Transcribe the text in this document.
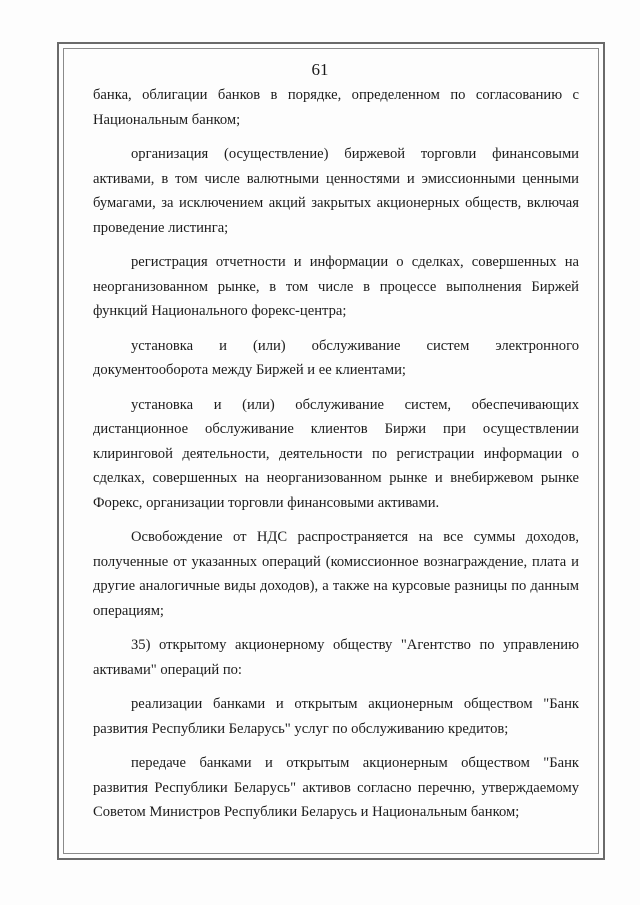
61

банка, облигации банков в порядке, определенном по согласованию с Национальным банком;

организация (осуществление) биржевой торговли финансовыми активами, в том числе валютными ценностями и эмиссионными ценными бумагами, за исключением акций закрытых акционерных обществ, включая проведение листинга;

регистрация отчетности и информации о сделках, совершенных на неорганизованном рынке, в том числе в процессе выполнения Биржей функций Национального форекс-центра;

установка и (или) обслуживание систем электронного документооборота между Биржей и ее клиентами;

установка и (или) обслуживание систем, обеспечивающих дистанционное обслуживание клиентов Биржи при осуществлении клиринговой деятельности, деятельности по регистрации информации о сделках, совершенных на неорганизованном рынке и внебиржевом рынке Форекс, организации торговли финансовыми активами.

Освобождение от НДС распространяется на все суммы доходов, полученные от указанных операций (комиссионное вознаграждение, плата и другие аналогичные виды доходов), а также на курсовые разницы по данным операциям;

35) открытому акционерному обществу "Агентство по управлению активами" операций по:

реализации банками и открытым акционерным обществом "Банк развития Республики Беларусь" услуг по обслуживанию кредитов;

передаче банками и открытым акционерным обществом "Банк развития Республики Беларусь" активов согласно перечню, утверждаемому Советом Министров Республики Беларусь и Национальным банком;
